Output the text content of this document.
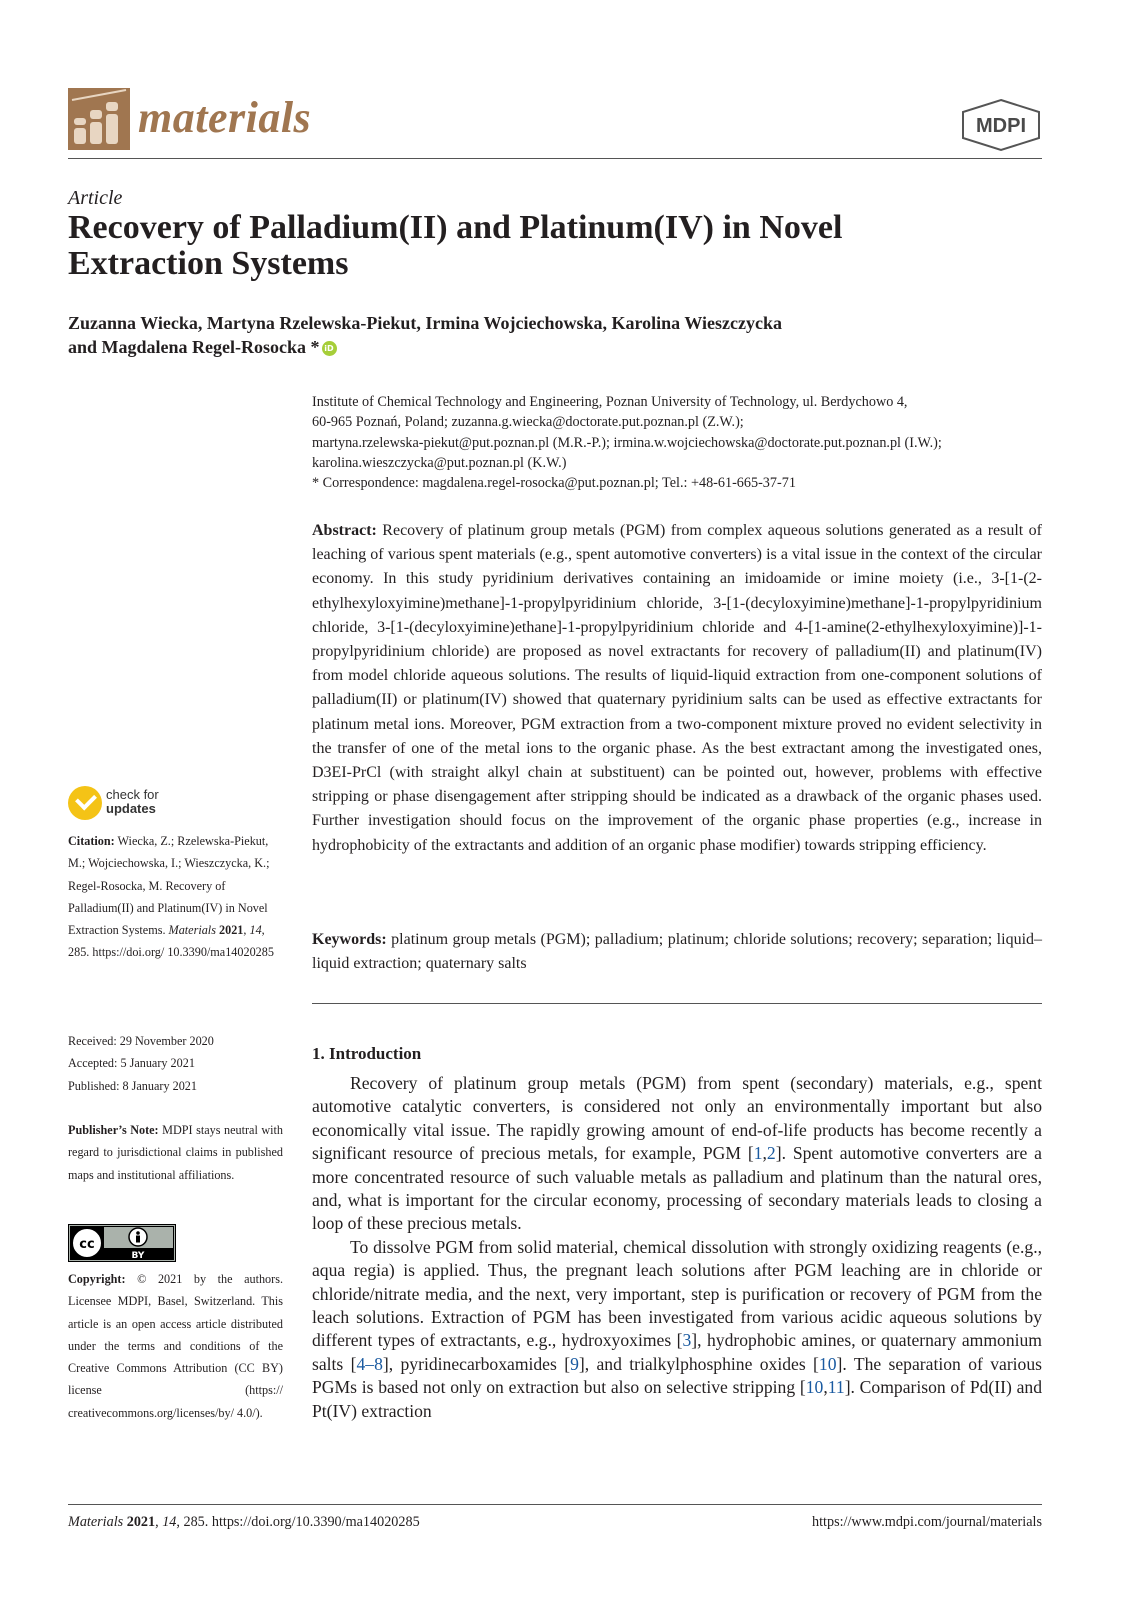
materials	MDPI
Article
Recovery of Palladium(II) and Platinum(IV) in Novel Extraction Systems
Zuzanna Wiecka, Martyna Rzelewska-Piekut, Irmina Wojciechowska, Karolina Wieszczycka
and Magdalena Regel-Rosocka * iD

Institute of Chemical Technology and Engineering, Poznan University of Technology, ul. Berdychowo 4,

60-965 Poznań, Poland; zuzanna.g.wiecka@doctorate.put.poznan.pl (Z.W.);

martyna.rzelewska-piekut@put.poznan.pl (M.R.-P.); irmina.w.wojciechowska@doctorate.put.poznan.pl (I.W.);

karolina.wieszczycka@put.poznan.pl (K.W.)

* Correspondence: magdalena.regel-rosocka@put.poznan.pl; Tel.: +48-61-665-37-71

Abstract: Recovery of platinum group metals (PGM) from complex aqueous solutions generated as a result of leaching of various spent materials (e.g., spent automotive converters) is a vital issue in the context of the circular economy. In this study pyridinium derivatives containing an imidoamide or imine moiety (i.e., 3-[1-(2-ethylhexyloxyimine)methane]-1-propylpyridinium chloride, 3-[1-(decyloxyimine)methane]-1-propylpyridinium chloride, 3-[1-(decyloxyimine)ethane]-1-propylpyridinium chloride and 4-[1-amine(2-ethylhexyloxyimine)]-1-propylpyridinium chloride) are proposed as novel extractants for recovery of palladium(II) and platinum(IV) from model chloride aqueous solutions. The results of liquid-liquid extraction from one-component solutions of palladium(II) or platinum(IV) showed that quaternary pyridinium salts can be used as effective extractants for platinum metal ions. Moreover, PGM extraction from a two-component mixture proved no evident selectivity in the transfer of one of the metal ions to the organic phase. As the best extractant among the investigated ones, D3EI-PrCl (with straight alkyl chain at substituent) can be pointed out, however, problems with effective stripping or phase disengagement after stripping should be indicated as a drawback of the organic phases used. Further investigation should focus on the improvement of the organic phase properties (e.g., increase in hydrophobicity of the extractants and addition of an organic phase modifier) towards stripping efficiency.

Keywords: platinum group metals (PGM); palladium; platinum; chloride solutions; recovery; separation; liquid–liquid extraction; quaternary salts

1. Introduction

Recovery of platinum group metals (PGM) from spent (secondary) materials, e.g., spent automotive catalytic converters, is considered not only an environmentally important but also economically vital issue. The rapidly growing amount of end-of-life products has become recently a significant resource of precious metals, for example, PGM [1,2]. Spent automotive converters are a more concentrated resource of such valuable metals as palladium and platinum than the natural ores, and, what is important for the circular economy, processing of secondary materials leads to closing a loop of these precious metals.

To dissolve PGM from solid material, chemical dissolution with strongly oxidizing reagents (e.g., aqua regia) is applied. Thus, the pregnant leach solutions after PGM leaching are in chloride or chloride/nitrate media, and the next, very important, step is purification or recovery of PGM from the leach solutions. Extraction of PGM has been investigated from various acidic aqueous solutions by different types of extractants, e.g., hydroxyoximes [3], hydrophobic amines, or quaternary ammonium salts [4–8], pyridinecarboxamides [9], and trialkylphosphine oxides [10]. The separation of various PGMs is based not only on extraction but also on selective stripping [10,11]. Comparison of Pd(II) and Pt(IV) extraction

check for
updates

Citation: Wiecka, Z.; Rzelewska-Piekut, M.; Wojciechowska, I.; Wieszczycka, K.; Regel-Rosocka, M. Recovery of Palladium(II) and Platinum(IV) in Novel Extraction Systems. Materials 2021, 14, 285. https://doi.org/ 10.3390/ma14020285

Received: 29 November 2020

Accepted: 5 January 2021

Published: 8 January 2021

Publisher’s Note: MDPI stays neutral with regard to jurisdictional claims in published maps and institutional affiliations.

cc
BY

Copyright: © 2021 by the authors. Licensee MDPI, Basel, Switzerland. This article is an open access article distributed under the terms and conditions of the Creative Commons Attribution (CC BY) license (https:// creativecommons.org/licenses/by/ 4.0/).

Materials 2021, 14, 285. https://doi.org/10.3390/ma14020285	https://www.mdpi.com/journal/materials
